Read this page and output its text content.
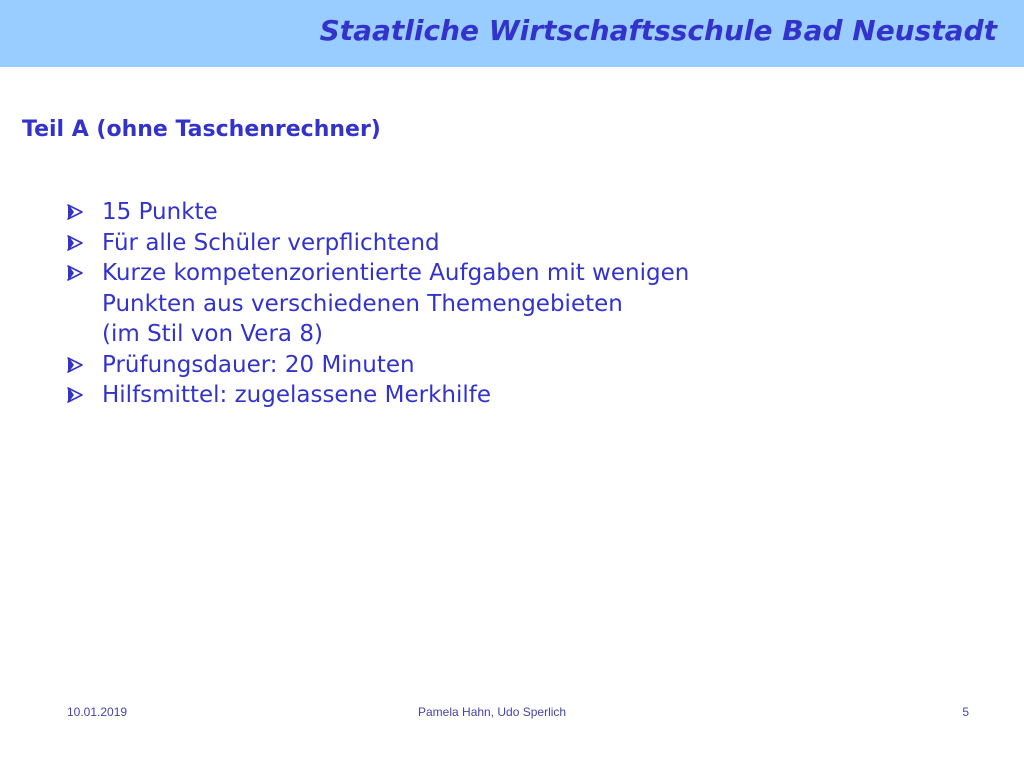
Staatliche Wirtschaftsschule Bad Neustadt
Teil A (ohne Taschenrechner)
15 Punkte
Für alle Schüler verpflichtend
Kurze kompetenzorientierte Aufgaben mit wenigen
Punkten aus verschiedenen Themengebieten
(im Stil von Vera 8)
Prüfungsdauer: 20 Minuten
Hilfsmittel: zugelassene Merkhilfe
10.01.2019	Pamela Hahn, Udo Sperlich	5
